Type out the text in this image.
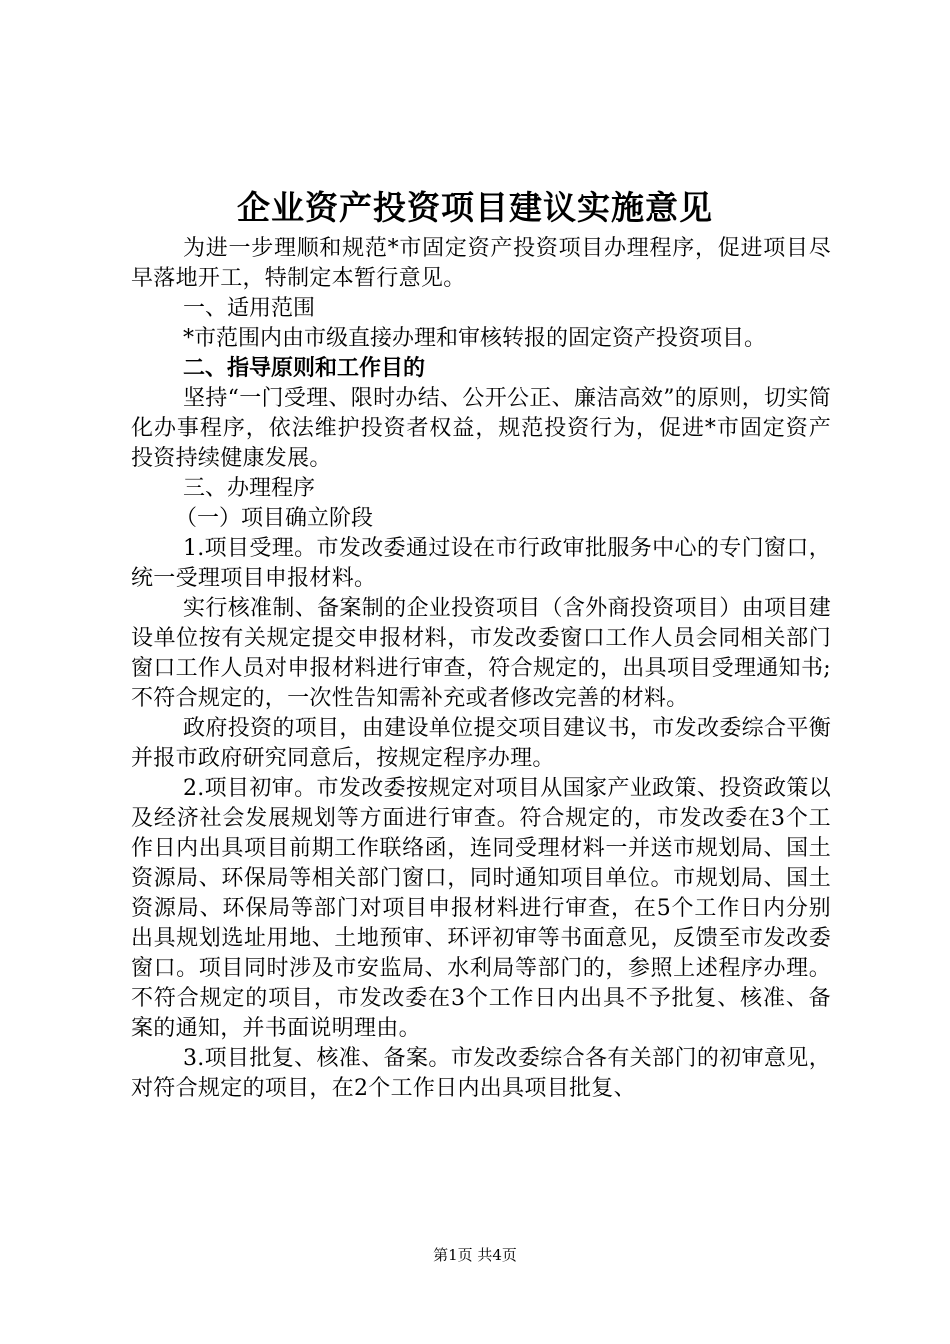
企业资产投资项目建议实施意见

为进一步理顺和规范*市固定资产投资项目办理程序，促进项目尽早落地开工，特制定本暂行意见。

一、适用范围

*市范围内由市级直接办理和审核转报的固定资产投资项目。

二、指导原则和工作目的

坚持“一门受理、限时办结、公开公正、廉洁高效”的原则，切实简化办事程序，依法维护投资者权益，规范投资行为，促进*市固定资产投资持续健康发展。

三、办理程序

（一）项目确立阶段

1.项目受理。市发改委通过设在市行政审批服务中心的专门窗口，统一受理项目申报材料。

实行核准制、备案制的企业投资项目（含外商投资项目）由项目建设单位按有关规定提交申报材料，市发改委窗口工作人员会同相关部门窗口工作人员对申报材料进行审查，符合规定的，出具项目受理通知书;不符合规定的，一次性告知需补充或者修改完善的材料。

政府投资的项目，由建设单位提交项目建议书，市发改委综合平衡并报市政府研究同意后，按规定程序办理。

2.项目初审。市发改委按规定对项目从国家产业政策、投资政策以及经济社会发展规划等方面进行审查。符合规定的，市发改委在3个工作日内出具项目前期工作联络函，连同受理材料一并送市规划局、国土资源局、环保局等相关部门窗口，同时通知项目单位。市规划局、国土资源局、环保局等部门对项目申报材料进行审查，在5个工作日内分别出具规划选址用地、土地预审、环评初审等书面意见，反馈至市发改委窗口。项目同时涉及市安监局、水利局等部门的，参照上述程序办理。不符合规定的项目，市发改委在3个工作日内出具不予批复、核准、备案的通知，并书面说明理由。

3.项目批复、核准、备案。市发改委综合各有关部门的初审意见，对符合规定的项目，在2个工作日内出具项目批复、

第1页 共4页
